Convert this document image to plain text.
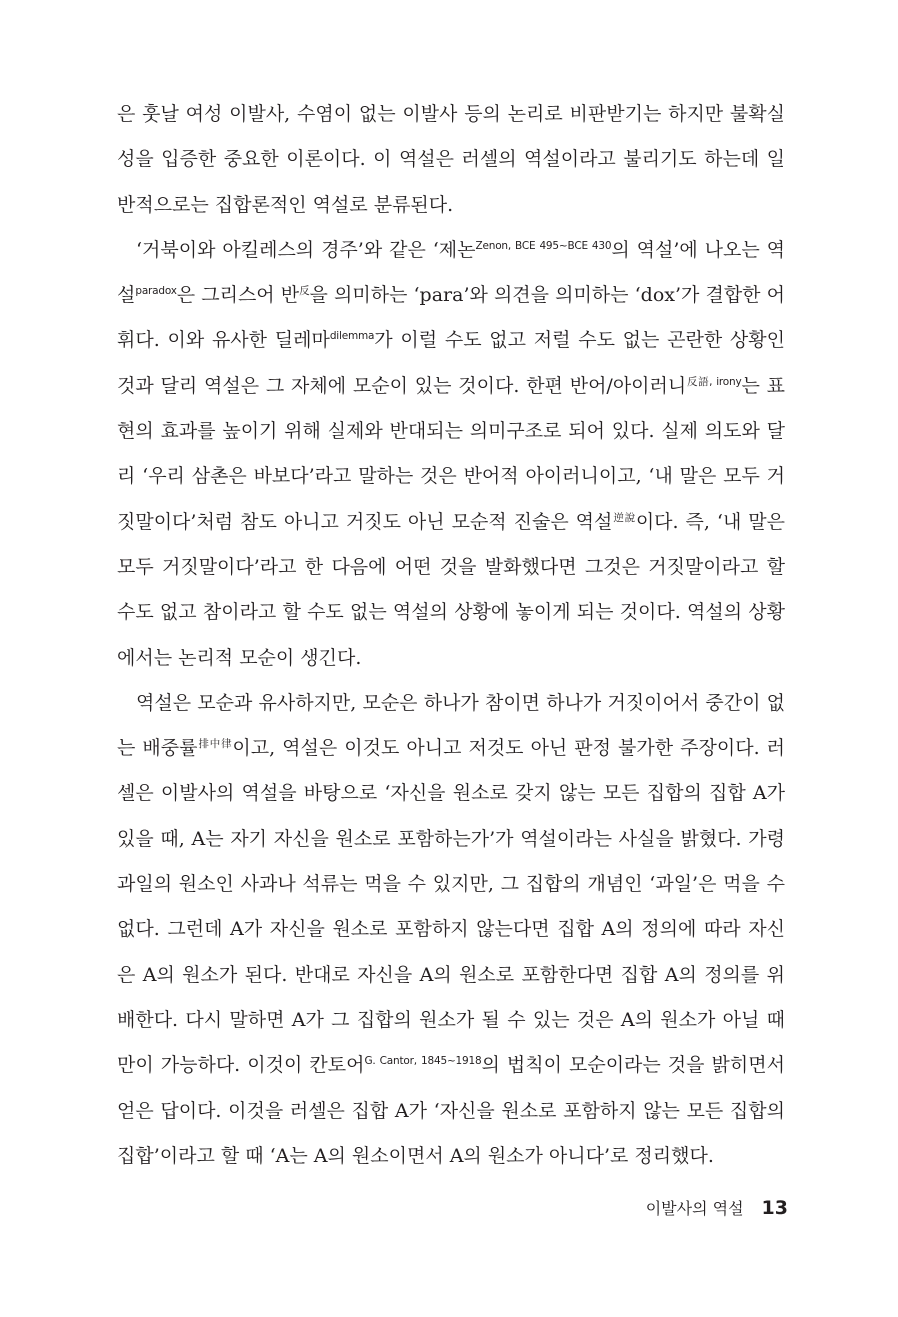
은 훗날 여성 이발사, 수염이 없는 이발사 등의 논리로 비판받기는 하지만 불확실성을 입증한 중요한 이론이다. 이 역설은 러셀의 역설이라고 불리기도 하는데 일반적으로는 집합론적인 역설로 분류된다.

‘거북이와 아킬레스의 경주’와 같은 ‘제논$^{Zenon, BCE 495\sim BCE 430}$의 역설’에 나오는 역설$^{paradox}$은 그리스어 반$^反$을 의미하는 ‘para’와 의견을 의미하는 ‘dox’가 결합한 어휘다. 이와 유사한 딜레마$^{dilemma}$가 이럴 수도 없고 저럴 수도 없는 곤란한 상황인 것과 달리 역설은 그 자체에 모순이 있는 것이다. 한편 반어/아이러니$^{反語, irony}$는 표현의 효과를 높이기 위해 실제와 반대되는 의미구조로 되어 있다. 실제 의도와 달리 ‘우리 삼촌은 바보다’라고 말하는 것은 반어적 아이러니이고, ‘내 말은 모두 거짓말이다’처럼 참도 아니고 거짓도 아닌 모순적 진술은 역설$^{逆說}$이다. 즉, ‘내 말은 모두 거짓말이다’라고 한 다음에 어떤 것을 발화했다면 그것은 거짓말이라고 할 수도 없고 참이라고 할 수도 없는 역설의 상황에 놓이게 되는 것이다. 역설의 상황에서는 논리적 모순이 생긴다.

역설은 모순과 유사하지만, 모순은 하나가 참이면 하나가 거짓이어서 중간이 없는 배중률$^{排中律}$이고, 역설은 이것도 아니고 저것도 아닌 판정 불가한 주장이다. 러셀은 이발사의 역설을 바탕으로 ‘자신을 원소로 갖지 않는 모든 집합의 집합 A가 있을 때, A는 자기 자신을 원소로 포함하는가’가 역설이라는 사실을 밝혔다. 가령 과일의 원소인 사과나 석류는 먹을 수 있지만, 그 집합의 개념인 ‘과일’은 먹을 수 없다. 그런데 A가 자신을 원소로 포함하지 않는다면 집합 A의 정의에 따라 자신은 A의 원소가 된다. 반대로 자신을 A의 원소로 포함한다면 집합 A의 정의를 위배한다. 다시 말하면 A가 그 집합의 원소가 될 수 있는 것은 A의 원소가 아닐 때만이 가능하다. 이것이 칸토어$^{G. Cantor, 1845\sim 1918}$의 법칙이 모순이라는 것을 밝히면서 얻은 답이다. 이것을 러셀은 집합 A가 ‘자신을 원소로 포함하지 않는 모든 집합의 집합’이라고 할 때 ‘A는 A의 원소이면서 A의 원소가 아니다’로 정리했다.

이발사의 역설 13
